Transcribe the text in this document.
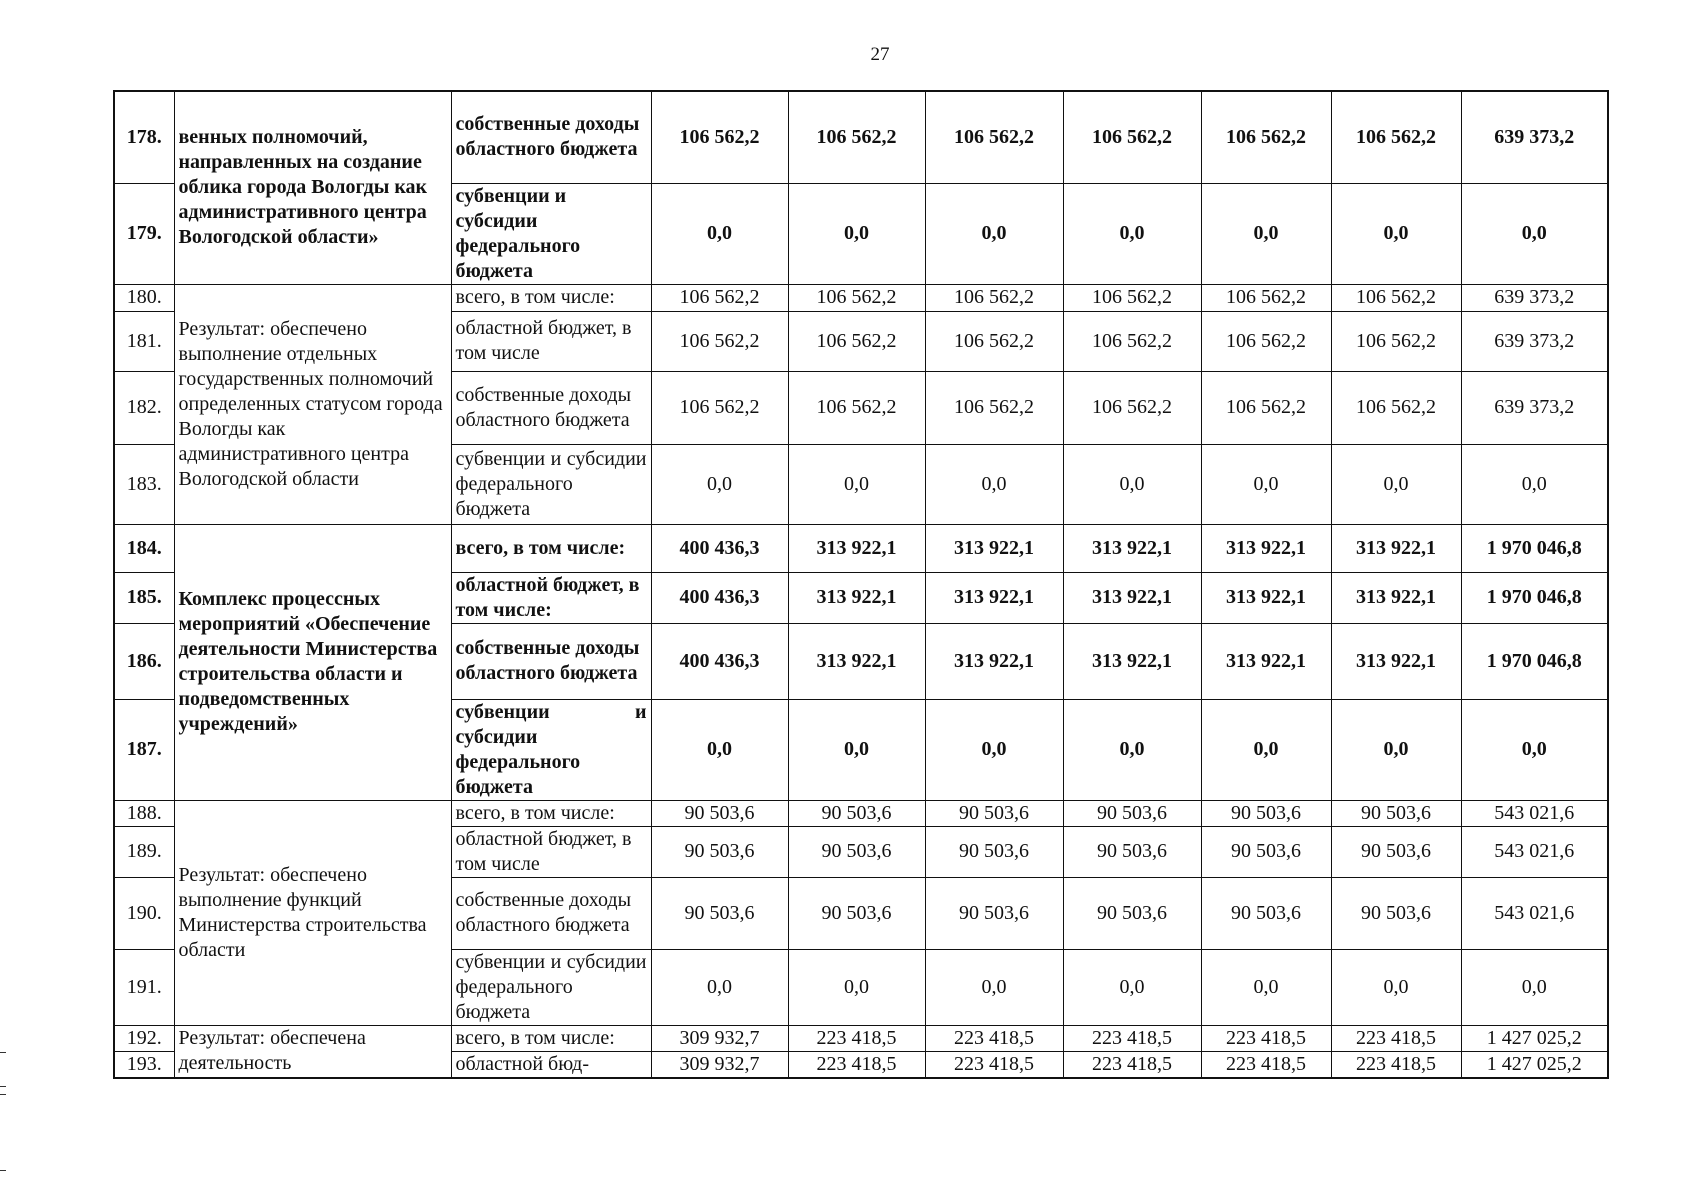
27
178.	венных полномочий, направленных на создание облика города Вологды как административного центра Вологодской области»	собственные доходы областного бюджета	106 562,2	106 562,2	106 562,2	106 562,2	106 562,2	106 562,2	639 373,2
179.		субвенции и субсидии федерального бюджета	0,0	0,0	0,0	0,0	0,0	0,0	0,0
180.	Результат: обеспечено выполнение отдельных государственных полномочий определенных статусом города Вологды как административного центра Вологодской области	всего, в том числе:	106 562,2	106 562,2	106 562,2	106 562,2	106 562,2	106 562,2	639 373,2
181.		областной бюджет, в том числе	106 562,2	106 562,2	106 562,2	106 562,2	106 562,2	106 562,2	639 373,2
182.		собственные доходы областного бюджета	106 562,2	106 562,2	106 562,2	106 562,2	106 562,2	106 562,2	639 373,2
183.		субвенции и субсидии федерального бюджета	0,0	0,0	0,0	0,0	0,0	0,0	0,0
184.	Комплекс процессных мероприятий «Обеспечение деятельности Министерства строительства области и подведомственных учреждений»	всего, в том числе:	400 436,3	313 922,1	313 922,1	313 922,1	313 922,1	313 922,1	1 970 046,8
185.		областной бюджет, в том числе:	400 436,3	313 922,1	313 922,1	313 922,1	313 922,1	313 922,1	1 970 046,8
186.		собственные доходы областного бюджета	400 436,3	313 922,1	313 922,1	313 922,1	313 922,1	313 922,1	1 970 046,8
187.		субвенции и субсидии федерального бюджета	0,0	0,0	0,0	0,0	0,0	0,0	0,0
188.	Результат: обеспечено выполнение функций Министерства строительства области	всего, в том числе:	90 503,6	90 503,6	90 503,6	90 503,6	90 503,6	90 503,6	543 021,6
189.		областной бюджет, в том числе	90 503,6	90 503,6	90 503,6	90 503,6	90 503,6	90 503,6	543 021,6
190.		собственные доходы областного бюджета	90 503,6	90 503,6	90 503,6	90 503,6	90 503,6	90 503,6	543 021,6
191.		субвенции и субсидии федерального бюджета	0,0	0,0	0,0	0,0	0,0	0,0	0,0
192.	Результат: обеспечена деятельность	всего, в том числе:	309 932,7	223 418,5	223 418,5	223 418,5	223 418,5	223 418,5	1 427 025,2
193.		областной бюд-	309 932,7	223 418,5	223 418,5	223 418,5	223 418,5	223 418,5	1 427 025,2
